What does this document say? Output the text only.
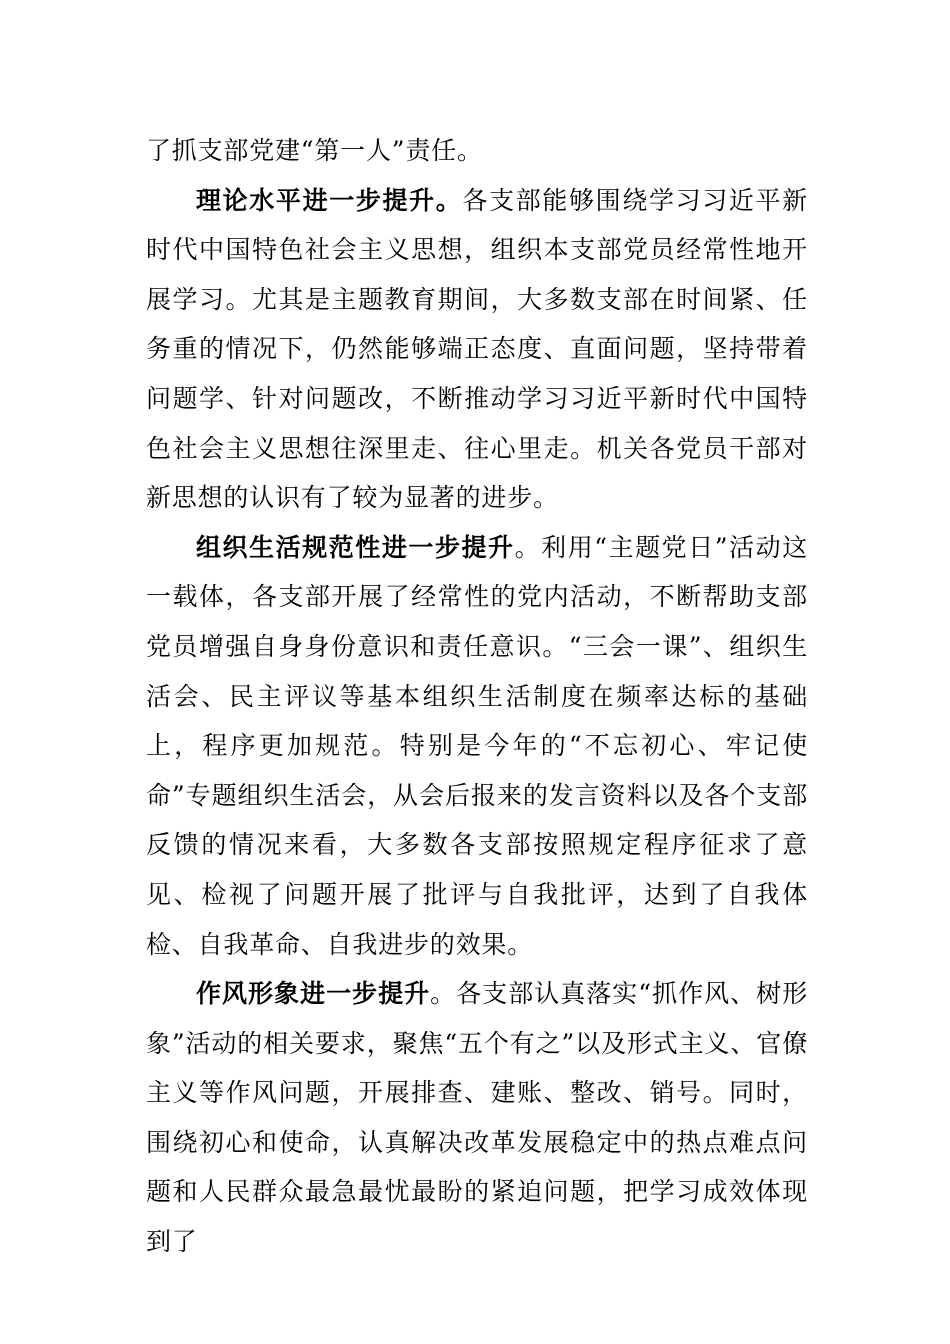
了抓支部党建“第一人”责任。

理论水平进一步提升。各支部能够围绕学习习近平新时代中国特色社会主义思想，组织本支部党员经常性地开展学习。尤其是主题教育期间，大多数支部在时间紧、任务重的情况下，仍然能够端正态度、直面问题，坚持带着问题学、针对问题改，不断推动学习习近平新时代中国特色社会主义思想往深里走、往心里走。机关各党员干部对新思想的认识有了较为显著的进步。

组织生活规范性进一步提升。利用“主题党日”活动这一载体，各支部开展了经常性的党内活动，不断帮助支部党员增强自身身份意识和责任意识。“三会一课”、组织生活会、民主评议等基本组织生活制度在频率达标的基础上，程序更加规范。特别是今年的“不忘初心、牢记使命”专题组织生活会，从会后报来的发言资料以及各个支部反馈的情况来看，大多数各支部按照规定程序征求了意见、检视了问题开展了批评与自我批评，达到了自我体检、自我革命、自我进步的效果。

作风形象进一步提升。各支部认真落实“抓作风、树形象”活动的相关要求，聚焦“五个有之”以及形式主义、官僚主义等作风问题，开展排查、建账、整改、销号。同时，围绕初心和使命，认真解决改革发展稳定中的热点难点问题和人民群众最急最忧最盼的紧迫问题，把学习成效体现到了
